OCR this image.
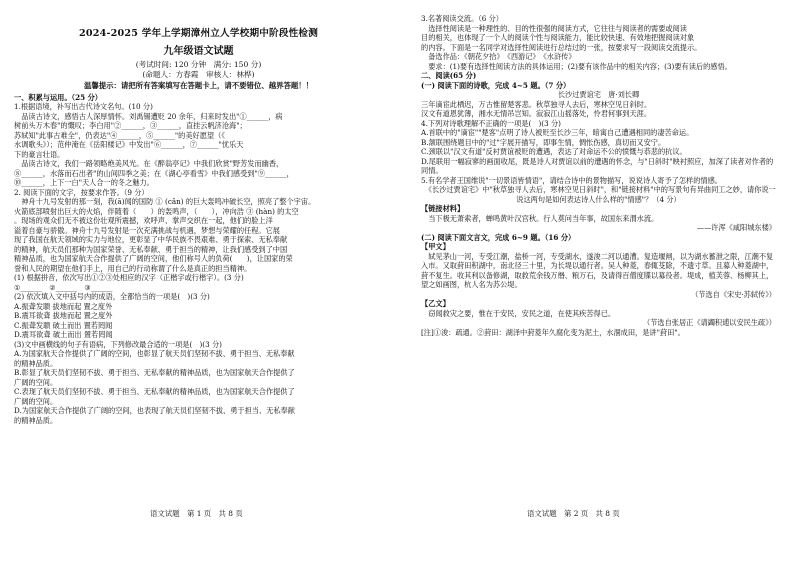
2024-2025 学年上学期漳州立人学校期中阶段性检测
九年级语文试题

(考试时间: 120 分钟　满分: 150 分)

(命题人：方春霞　审核人：林桦)

温馨提示：请把所有答案填写在答题卡上，请不要错位、越界答题！！

一、积累与运用。（25 分）

1.根据语境，补写出古代诗文名句。(10 分)

　品读古诗文，感悟古人深厚情怀。刘禹锡遭贬 20 余年，归来时发出"①______，病

树前头万木春"的慨叹；李白用"②______，③______，直挂云帆济沧海"；

苏轼知"此事古难全"，仍表达"④______，⑤______"的美好愿望（《

水调歌头》）；范仲淹在《岳阳楼记》中发出"⑥______，⑦______"忧乐天

下的豪言壮语。

　品读古诗文，我们一路领略绝美风光。在《醉翁亭记》中我们欣赏"野芳发而幽香，

⑧______，水落而石出者"的山间四季之美；在《湖心亭看雪》中我们感受到"⑨______，

⑩______，上下一白"天人合一的冬之魅力。

2. 阅读下面的文字，按要求作答。（9 分）

　神舟十九号发射的那一刻，我(ā)闻的国防 ① (cǎn) 的巨大轰鸣冲破长空，照亮了整个宇宙。

火箭底部喷射出巨大的火焰，伴随着（　　）的轰鸣声，（　　），冲向浩 ③ (hàn) 的太空

。现场的观众们无不被这份壮观所震撼，欢呼声、掌声交织在一起，他们的脸上洋

溢着自豪与骄傲。神舟十九号发射是一次充满挑战与机遇，梦想与荣耀的任程。它展

现了我国在航天领域的实力与地位，更彰显了中华民族不畏艰难、勇于探索、无私奉献

的精神，航天员们那种为国家荣誉、无私奉献、勇于担当的精神，让我们感受到了中国

精神品质，也为国家航天合作提供了广阔的空间，他们称号人的负荷(　　)，让国家的荣

誉和人民的期望在他们手上，用自己的行动称谓了什么是真正的担当精神。

(1) 根据拼音，依次写出①②③处相应的汉字（正楷字或行楷字）。(3 分)

①______　②______　③______

(2) 依次填入文中括号内的成语，全都恰当的一项是(　)(3 分)

A.振聋发聩 拔地而起 置之度外

B.震耳欲聋 拔地而起 置之度外

C.振聋发聩 破土而出 置若罔闻

D.震耳欲聋 破土而出 置若罔闻

(3)文中画横线的句子有语病，下列修改最合适的一项是(　)(3 分)

A.为国家航天合作提供了广阔的空间，也彰显了航天员们坚韧不拔、勇于担当、无私奉献

的精神品质。

B.彰显了航天员们坚韧不拔、勇于担当、无私奉献的精神品质，也为国家航天合作提供了

广阔的空间。

C.表现了航天员们坚韧不拔、勇于担当、无私奉献的精神品质，也为国家航天合作提供了

广阔的空间。

D.为国家航天合作提供了广阔的空间，也表现了航天员们坚韧不拔、勇于担当、无私奉献

的精神品质。

语文试题　第 1 页　共 8 页

3.名著阅读交流。（6 分）

　选择性阅读是一种理性的、目的性很强的阅读方式，它往往与阅读者的需要或阅读

目的相关，也体现了一个人的阅读个性与阅读能力，能比较快速、有效地把握阅读对象

的内容。下面是一名同学对选择性阅读进行总结过的一张，按要求写一段阅读交流提示。

　备选作品：《朝花夕拾》　《西游记》　《水浒传》

　要求：(1)要有选择性阅读方法的具体运用；(2)要有该作品中的相关内容；(3)要有读后的感悟。

二、阅读(65 分)

(一) 阅读下面的诗歌，完成 4~5 题。（7 分）

长沙过贾谊宅　唐·刘长卿

三年谪宦此栖迟，万古惟留楚客悲。秋草独寻人去后，寒林空见日斜时。

汉文有道恩犹薄，湘水无情吊岂知。寂寂江山摇落处，怜君何事到天涯。

4.下列对诗歌理解不正确的一项是(　)(3 分)

A.首联中的"谪宦""楚客"点明了诗人被贬至长沙三年，暗寓自己遭遇相同的凄苦命运。

B.颔联围绕题目中的"过"字展开描写，即事生情，惆怅伤感，真切而又安宁。

C.颈联以"汉文有道"反衬贾谊被贬的遭遇，表达了对命运不公的愤慨与恭悲的抗议。

D.尾联用一幅寂寥的画面收尾，既是诗人对贾谊以前的遭遇的怀念，与"日斜时"映衬照应，加深了读者对作者的同情。

5.有名学者王国维说"一切景语皆情语"，请结合诗中的景物描写，说说诗人寄予了怎样的情感。

　《长沙过贾谊宅》中"秋草独寻人去后，寒林空见日斜时"，和"链接材料"中的写景句有异曲同工之妙，请你说一说这两句是如何表达诗人什么样的"情感"？（4 分）

【链接材料】

　当下极无萧索者，蝉鸣黄叶汉宫秋。行人莫问当年事，故国东来渭水流。

——许浑《咸阳城东楼》

(二) 阅读下面文言文，完成 6~9 题。（16 分）

【甲文】

　轼见茅山一河，专受江潮，盐桥一河，专受湖水，遂浚二河以通漕。复造堰闸，以为湖水蓄泄之限，江潮不复入市。又取葑田积湖中，南北径三十里，为长堤以通行者。吴人种菱，春辄芟除，不遗寸草。且募人种菱湖中，葑不复生。收其利以备修湖，取救荒余钱万缗、粮万石，及请得百僧度牒以募役者。堤成，植芙蓉、杨柳其上，望之如画图，杭人名为苏公堤。

（节选自《宋史·苏轼传》）

【乙文】

　窃闻救灾之要，惟在于安民，安民之道，在使其疾苦得已。

（节选自张居正《请蠲积逋以安民生疏》）

[注]①浚：疏通。②葑田：湖泽中葑菱年久腐化变为泥土，水涸成田，是讲"葑田"。

语文试题　第 2 页　共 8 页
